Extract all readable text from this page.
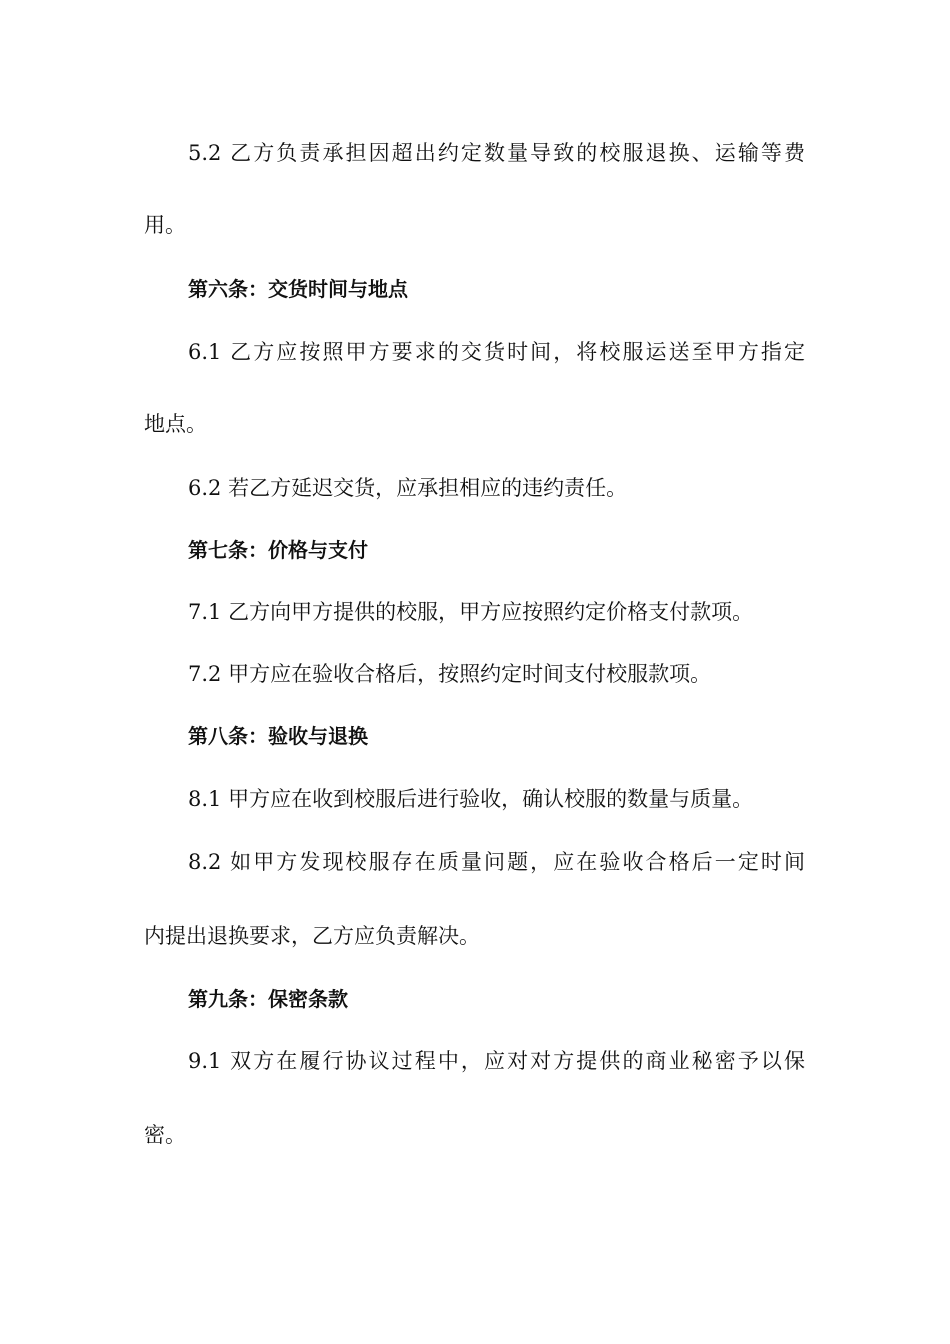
5.2 乙方负责承担因超出约定数量导致的校服退换、运输等费
用。
第六条：交货时间与地点
6.1 乙方应按照甲方要求的交货时间，将校服运送至甲方指定
地点。
6.2 若乙方延迟交货，应承担相应的违约责任。
第七条：价格与支付
7.1 乙方向甲方提供的校服，甲方应按照约定价格支付款项。
7.2 甲方应在验收合格后，按照约定时间支付校服款项。
第八条：验收与退换
8.1 甲方应在收到校服后进行验收，确认校服的数量与质量。
8.2 如甲方发现校服存在质量问题，应在验收合格后一定时间
内提出退换要求，乙方应负责解决。
第九条：保密条款
9.1 双方在履行协议过程中，应对对方提供的商业秘密予以保
密。
